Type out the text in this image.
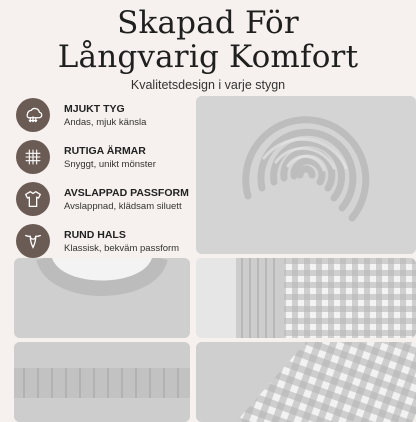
Skapad För
Långvarig Komfort
Kvalitetsdesign i varje stygn
MJUKT TYG
Andas, mjuk känsla
RUTIGA ÄRMAR
Snyggt, unikt mönster
AVSLAPPAD PASSFORM
Avslappnad, klädsam siluett
RUND HALS
Klassisk, bekväm passform
